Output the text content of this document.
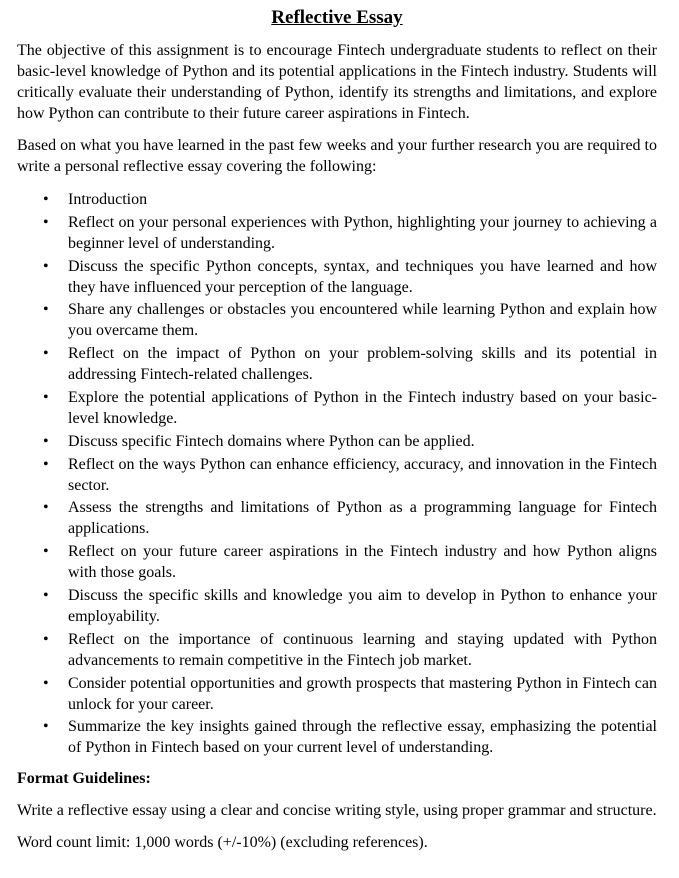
Reflective Essay

The objective of this assignment is to encourage Fintech undergraduate students to reflect on their basic-level knowledge of Python and its potential applications in the Fintech industry. Students will critically evaluate their understanding of Python, identify its strengths and limitations, and explore how Python can contribute to their future career aspirations in Fintech.

Based on what you have learned in the past few weeks and your further research you are required to write a personal reflective essay covering the following:

• Introduction
• Reflect on your personal experiences with Python, highlighting your journey to achieving a beginner level of understanding.
• Discuss the specific Python concepts, syntax, and techniques you have learned and how they have influenced your perception of the language.
• Share any challenges or obstacles you encountered while learning Python and explain how you overcame them.
• Reflect on the impact of Python on your problem-solving skills and its potential in addressing Fintech-related challenges.
• Explore the potential applications of Python in the Fintech industry based on your basic-level knowledge.
• Discuss specific Fintech domains where Python can be applied.
• Reflect on the ways Python can enhance efficiency, accuracy, and innovation in the Fintech sector.
• Assess the strengths and limitations of Python as a programming language for Fintech applications.
• Reflect on your future career aspirations in the Fintech industry and how Python aligns with those goals.
• Discuss the specific skills and knowledge you aim to develop in Python to enhance your employability.
• Reflect on the importance of continuous learning and staying updated with Python advancements to remain competitive in the Fintech job market.
• Consider potential opportunities and growth prospects that mastering Python in Fintech can unlock for your career.
• Summarize the key insights gained through the reflective essay, emphasizing the potential of Python in Fintech based on your current level of understanding.
Format Guidelines:

Write a reflective essay using a clear and concise writing style, using proper grammar and structure.

Word count limit: 1,000 words (+/-10%) (excluding references).
